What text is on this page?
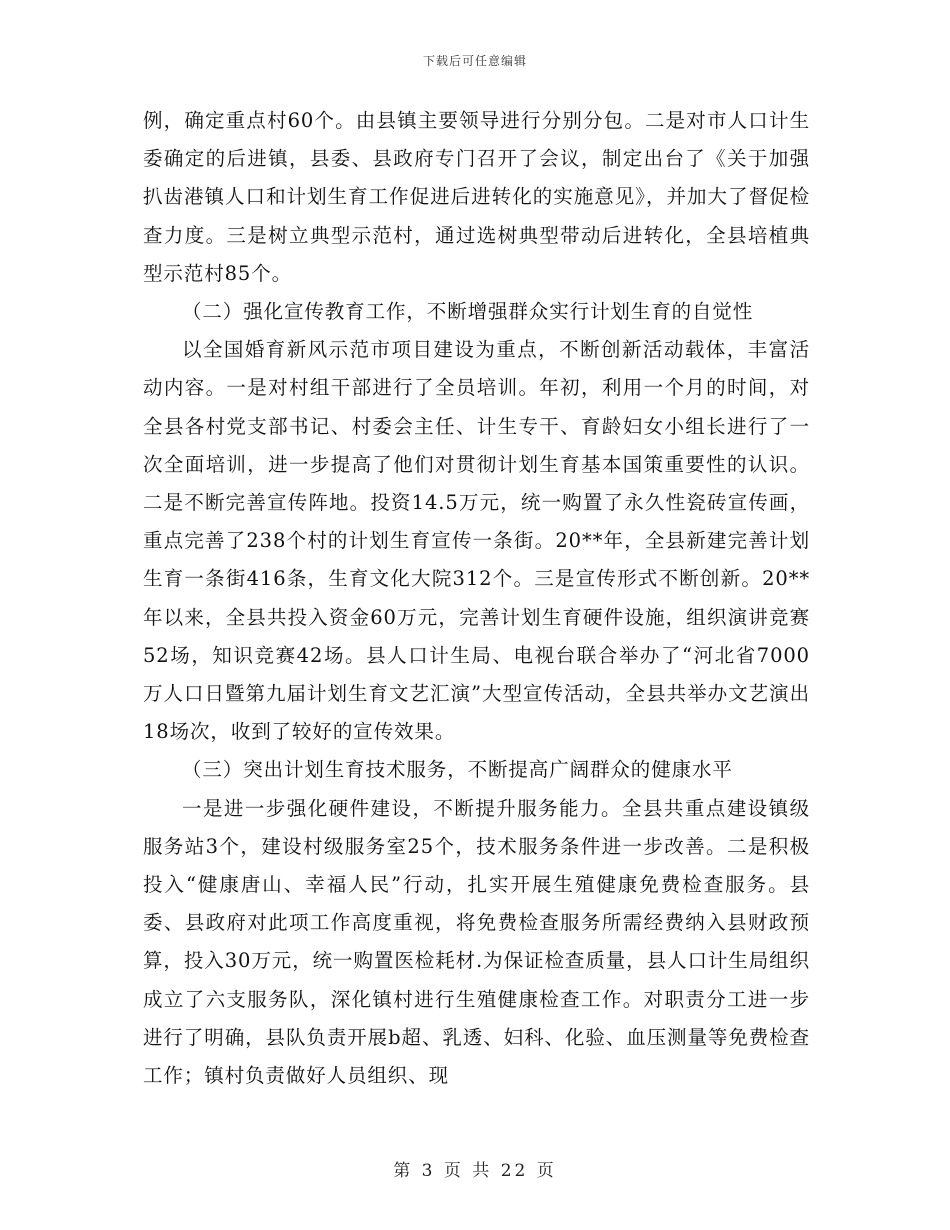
下载后可任意编辑

例，确定重点村60个。由县镇主要领导进行分别分包。二是对市人口计生委确定的后进镇，县委、县政府专门召开了会议，制定出台了《关于加强扒齿港镇人口和计划生育工作促进后进转化的实施意见》，并加大了督促检查力度。三是树立典型示范村，通过选树典型带动后进转化，全县培植典型示范村85个。

（二）强化宣传教育工作，不断增强群众实行计划生育的自觉性

以全国婚育新风示范市项目建设为重点，不断创新活动载体，丰富活动内容。一是对村组干部进行了全员培训。年初，利用一个月的时间，对全县各村党支部书记、村委会主任、计生专干、育龄妇女小组长进行了一次全面培训，进一步提高了他们对贯彻计划生育基本国策重要性的认识。二是不断完善宣传阵地。投资14.5万元，统一购置了永久性瓷砖宣传画，重点完善了238个村的计划生育宣传一条街。20**年，全县新建完善计划生育一条街416条，生育文化大院312个。三是宣传形式不断创新。20**年以来，全县共投入资金60万元，完善计划生育硬件设施，组织演讲竞赛52场，知识竞赛42场。县人口计生局、电视台联合举办了“河北省7000万人口日暨第九届计划生育文艺汇演”大型宣传活动，全县共举办文艺演出18场次，收到了较好的宣传效果。

（三）突出计划生育技术服务，不断提高广阔群众的健康水平

一是进一步强化硬件建设，不断提升服务能力。全县共重点建设镇级服务站3个，建设村级服务室25个，技术服务条件进一步改善。二是积极投入“健康唐山、幸福人民”行动，扎实开展生殖健康免费检查服务。县委、县政府对此项工作高度重视，将免费检查服务所需经费纳入县财政预算，投入30万元，统一购置医检耗材.为保证检查质量，县人口计生局组织成立了六支服务队，深化镇村进行生殖健康检查工作。对职责分工进一步进行了明确，县队负责开展b超、乳透、妇科、化验、血压测量等免费检查工作；镇村负责做好人员组织、现

第 3 页 共 22 页
